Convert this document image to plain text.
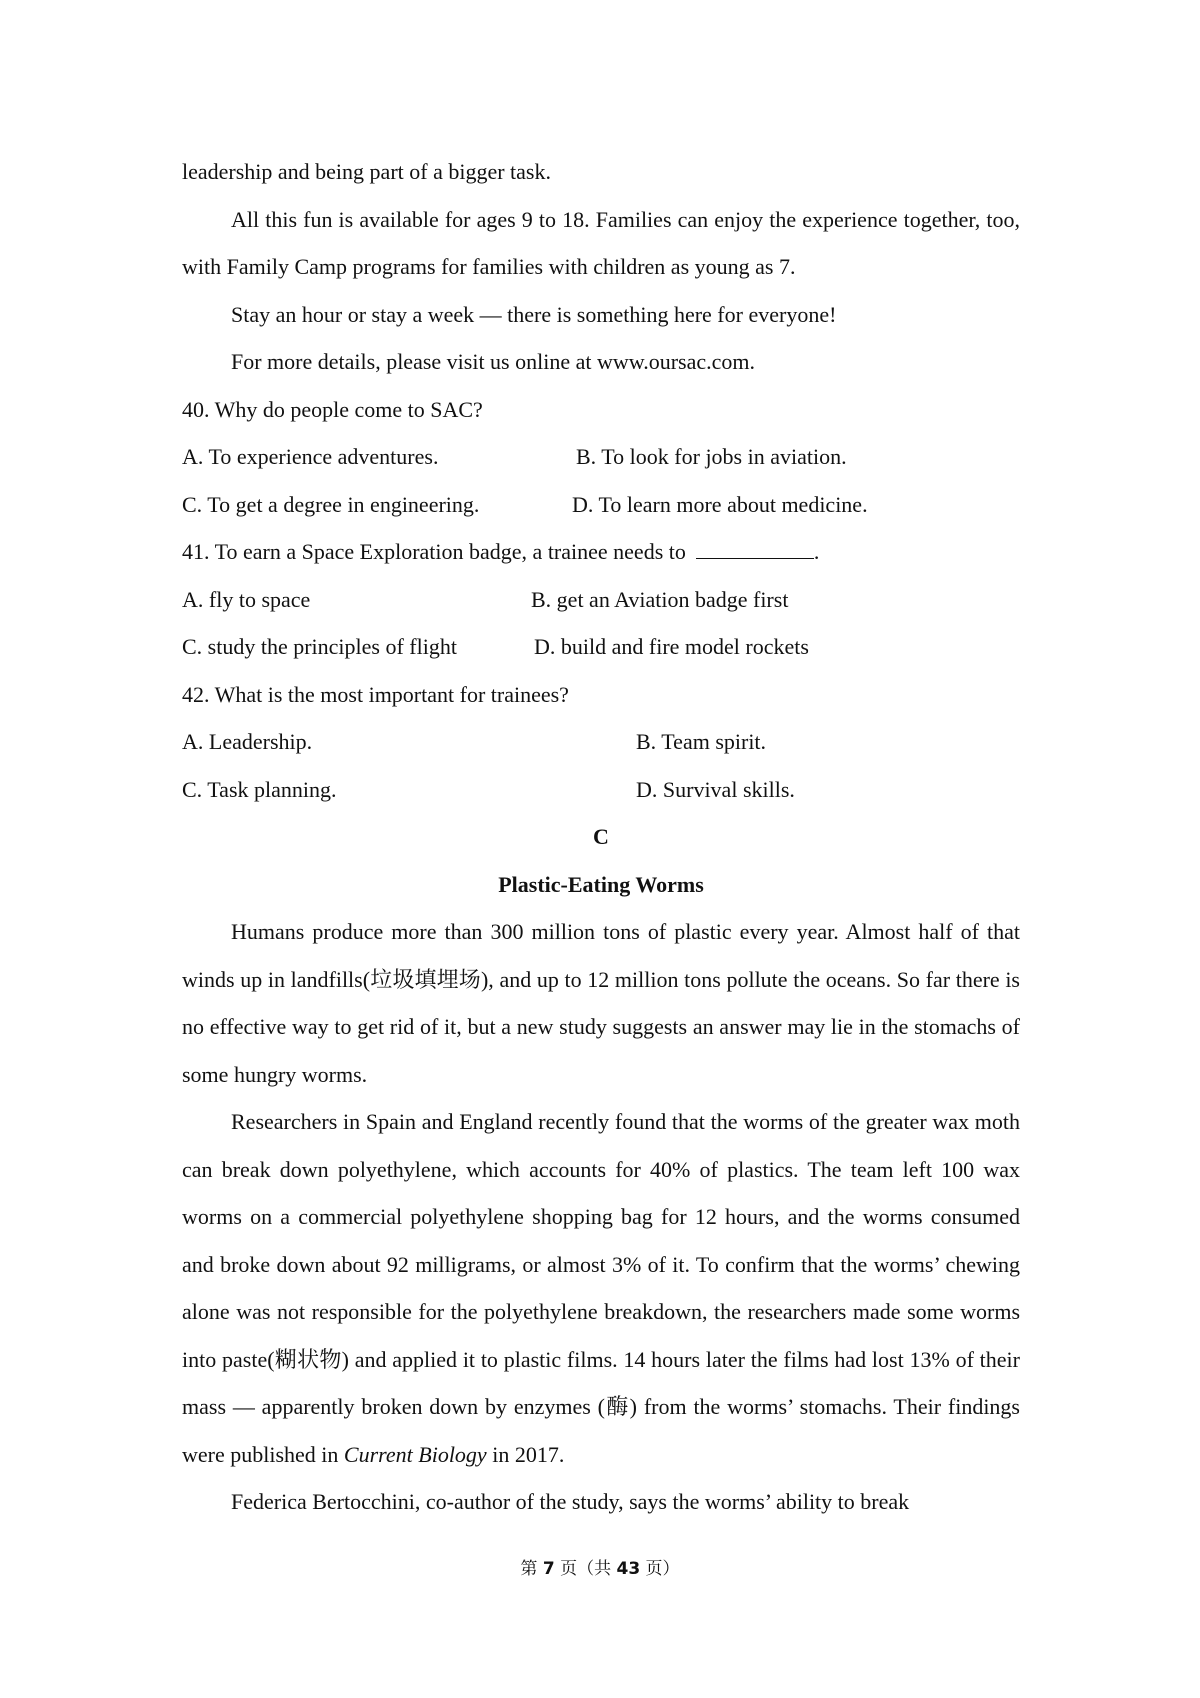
leadership and being part of a bigger task.

All this fun is available for ages 9 to 18. Families can enjoy the experience together, too, with Family Camp programs for families with children as young as 7.

Stay an hour or stay a week — there is something here for everyone!
For more details, please visit us online at www.oursac.com.
40. Why do people come to SAC?
A. To experience adventures.	B. To look for jobs in aviation.
C. To get a degree in engineering.	D. To learn more about medicine.
41. To earn a Space Exploration badge, a trainee needs to	.
A. fly to space	B. get an Aviation badge first
C. study the principles of flight	D. build and fire model rockets
42. What is the most important for trainees?
A. Leadership.	B. Team spirit.
C. Task planning.	D. Survival skills.
C
Plastic-Eating Worms

Humans produce more than 300 million tons of plastic every year. Almost half of that winds up in landfills(垃圾填埋场), and up to 12 million tons pollute the oceans. So far there is no effective way to get rid of it, but a new study suggests an answer may lie in the stomachs of some hungry worms.

Researchers in Spain and England recently found that the worms of the greater wax moth can break down polyethylene, which accounts for 40% of plastics. The team left 100 wax worms on a commercial polyethylene shopping bag for 12 hours, and the worms consumed and broke down about 92 milligrams, or almost 3% of it. To confirm that the worms’ chewing alone was not responsible for the polyethylene breakdown, the researchers made some worms into paste(糊状物) and applied it to plastic films. 14 hours later the films had lost 13% of their mass — apparently broken down by enzymes (酶) from the worms’ stomachs. Their findings were published in Current Biology in 2017.

Federica Bertocchini, co-author of the study, says the worms’ ability to break
第 7 页（共 43 页）
